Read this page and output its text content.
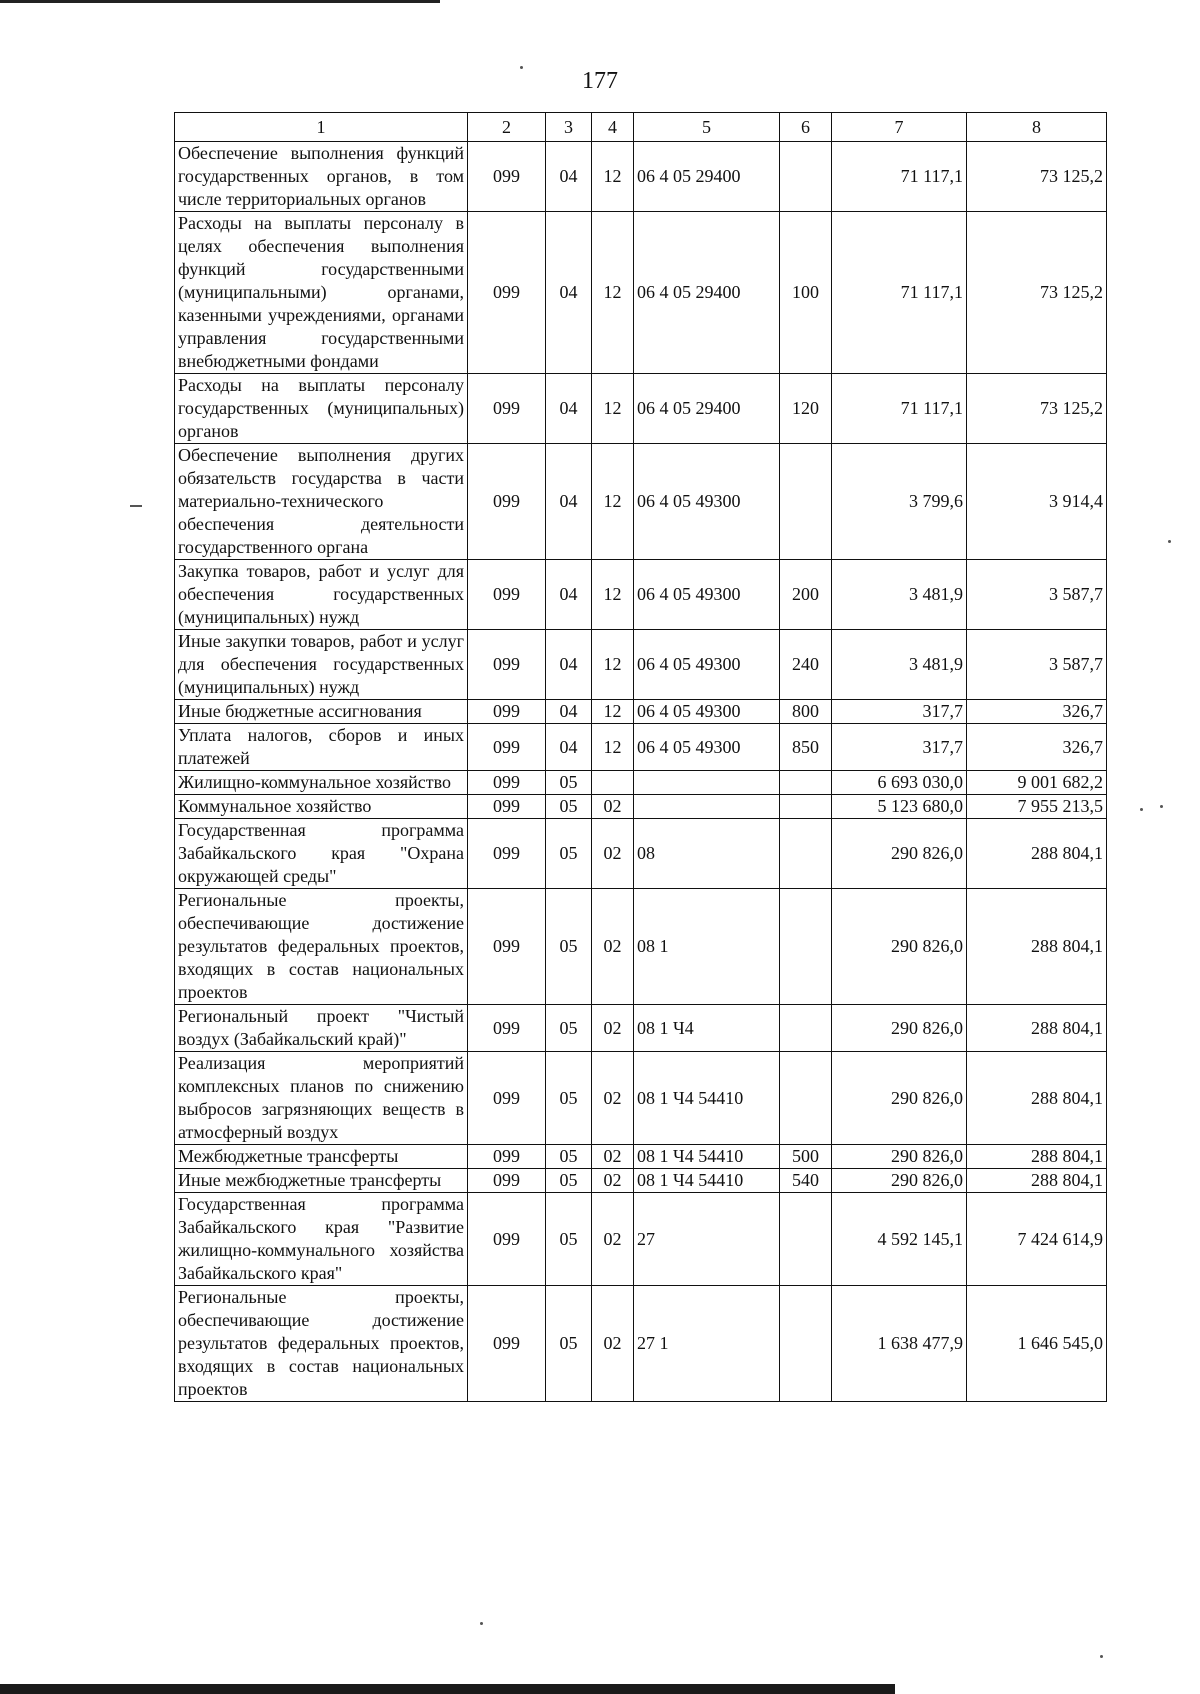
177
1	2	3	4	5	6	7	8
Обеспечение выполнения функций государственных органов, в том числе территориальных органов	099	04	12	06 4 05 29400		71 117,1	73 125,2
Расходы на выплаты персоналу в целях обеспечения выполнения функций государственными (муниципальными) органами, казенными учреждениями, органами управления государственными внебюджетными фондами	099	04	12	06 4 05 29400	100	71 117,1	73 125,2
Расходы на выплаты персоналу государственных (муниципальных) органов	099	04	12	06 4 05 29400	120	71 117,1	73 125,2
Обеспечение выполнения других обязательств государства в части материально-технического обеспечения деятельности государственного органа	099	04	12	06 4 05 49300		3 799,6	3 914,4
Закупка товаров, работ и услуг для обеспечения государственных (муниципальных) нужд	099	04	12	06 4 05 49300	200	3 481,9	3 587,7
Иные закупки товаров, работ и услуг для обеспечения государственных (муниципальных) нужд	099	04	12	06 4 05 49300	240	3 481,9	3 587,7
Иные бюджетные ассигнования	099	04	12	06 4 05 49300	800	317,7	326,7
Уплата налогов, сборов и иных платежей	099	04	12	06 4 05 49300	850	317,7	326,7
Жилищно-коммунальное хозяйство	099	05				6 693 030,0	9 001 682,2
Коммунальное хозяйство	099	05	02			5 123 680,0	7 955 213,5
Государственная программа Забайкальского края "Охрана окружающей среды"	099	05	02	08		290 826,0	288 804,1
Региональные проекты, обеспечивающие достижение результатов федеральных проектов, входящих в состав национальных проектов	099	05	02	08 1		290 826,0	288 804,1
Региональный проект "Чистый воздух (Забайкальский край)"	099	05	02	08 1 Ч4		290 826,0	288 804,1
Реализация мероприятий комплексных планов по снижению выбросов загрязняющих веществ в атмосферный воздух	099	05	02	08 1 Ч4 54410		290 826,0	288 804,1
Межбюджетные трансферты	099	05	02	08 1 Ч4 54410	500	290 826,0	288 804,1
Иные межбюджетные трансферты	099	05	02	08 1 Ч4 54410	540	290 826,0	288 804,1
Государственная программа Забайкальского края "Развитие жилищно-коммунального хозяйства Забайкальского края"	099	05	02	27		4 592 145,1	7 424 614,9
Региональные проекты, обеспечивающие достижение результатов федеральных проектов, входящих в состав национальных проектов	099	05	02	27 1		1 638 477,9	1 646 545,0
